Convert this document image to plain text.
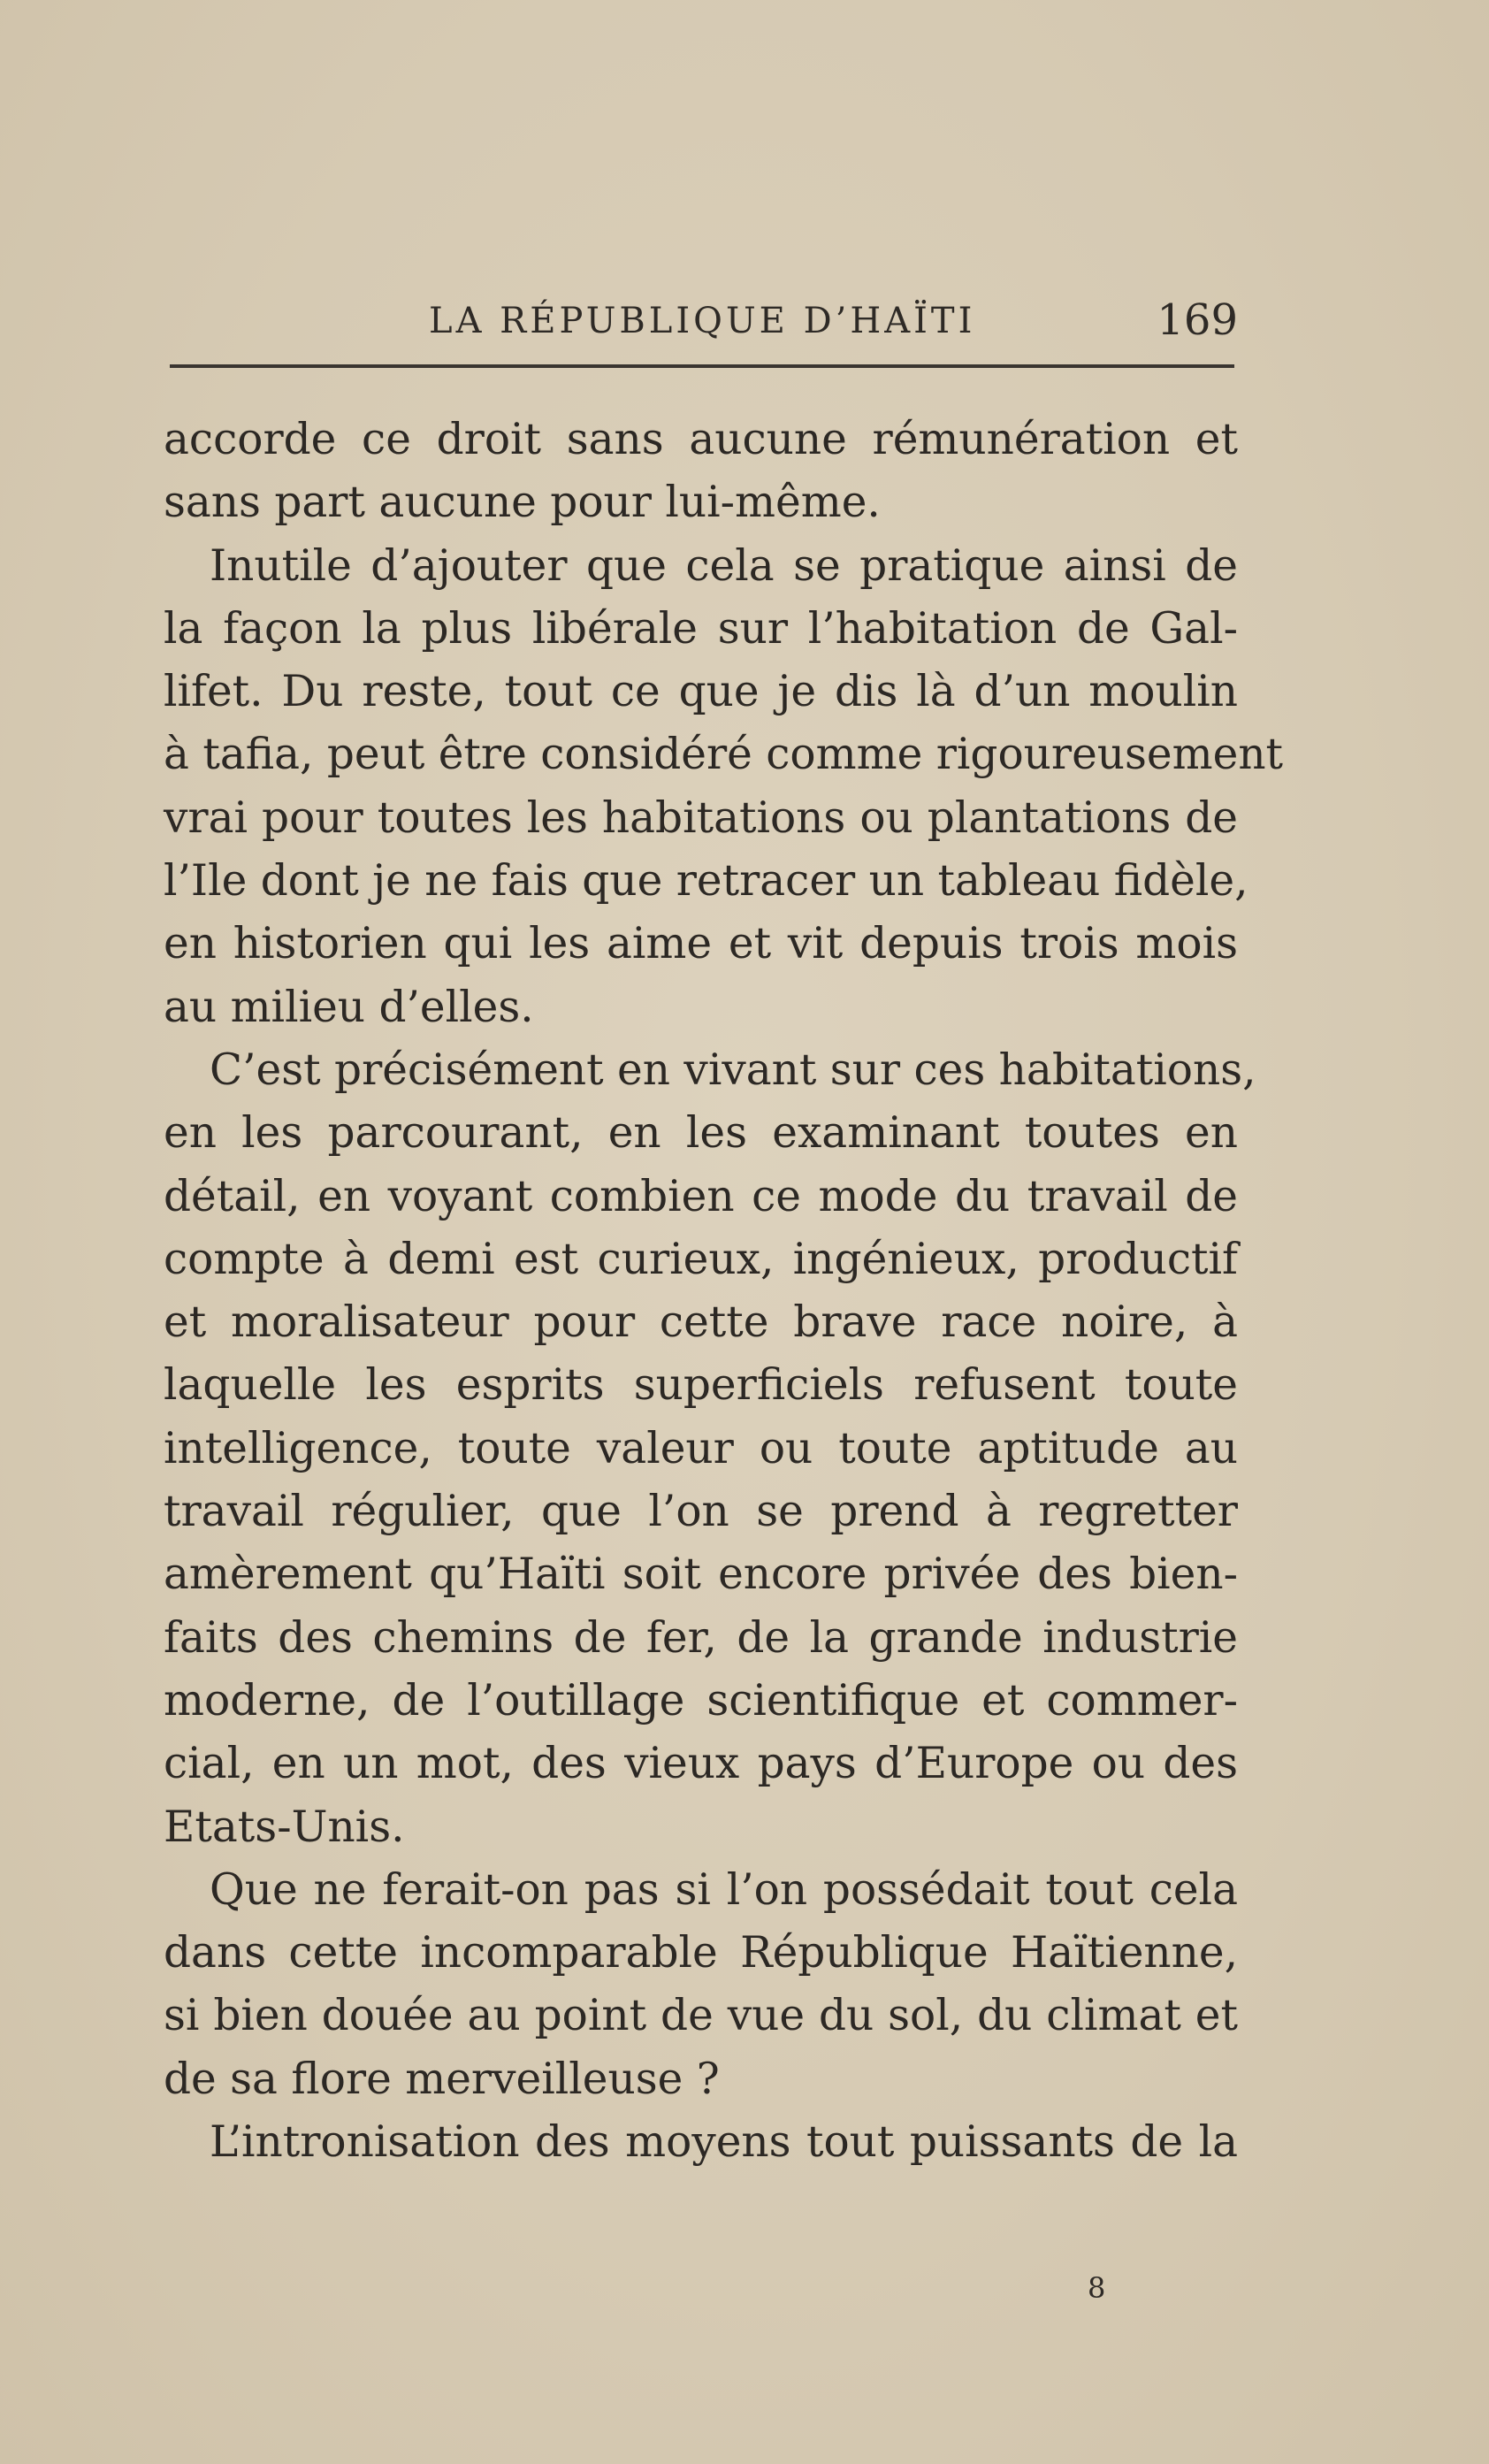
LA RÉPUBLIQUE D’HAÏTI	169
accorde ce droit sans aucune rémunération et
sans part aucune pour lui-même.
Inutile d’ajouter que cela se pratique ainsi de
la façon la plus libérale sur l’habitation de Gal-
lifet. Du reste, tout ce que je dis là d’un moulin
à tafia, peut être considéré comme rigoureusement
vrai pour toutes les habitations ou plantations de
l’Ile dont je ne fais que retracer un tableau fidèle,
en historien qui les aime et vit depuis trois mois
au milieu d’elles.
C’est précisément en vivant sur ces habitations,
en les parcourant, en les examinant toutes en
détail, en voyant combien ce mode du travail de
compte à demi est curieux, ingénieux, productif
et moralisateur pour cette brave race noire, à
laquelle les esprits superficiels refusent toute
intelligence, toute valeur ou toute aptitude au
travail régulier, que l’on se prend à regretter
amèrement qu’Haïti soit encore privée des bien-
faits des chemins de fer, de la grande industrie
moderne, de l’outillage scientifique et commer-
cial, en un mot, des vieux pays d’Europe ou des
Etats-Unis.
Que ne ferait-on pas si l’on possédait tout cela
dans cette incomparable République Haïtienne,
si bien douée au point de vue du sol, du climat et
de sa flore merveilleuse ?
L’intronisation des moyens tout puissants de la
8
